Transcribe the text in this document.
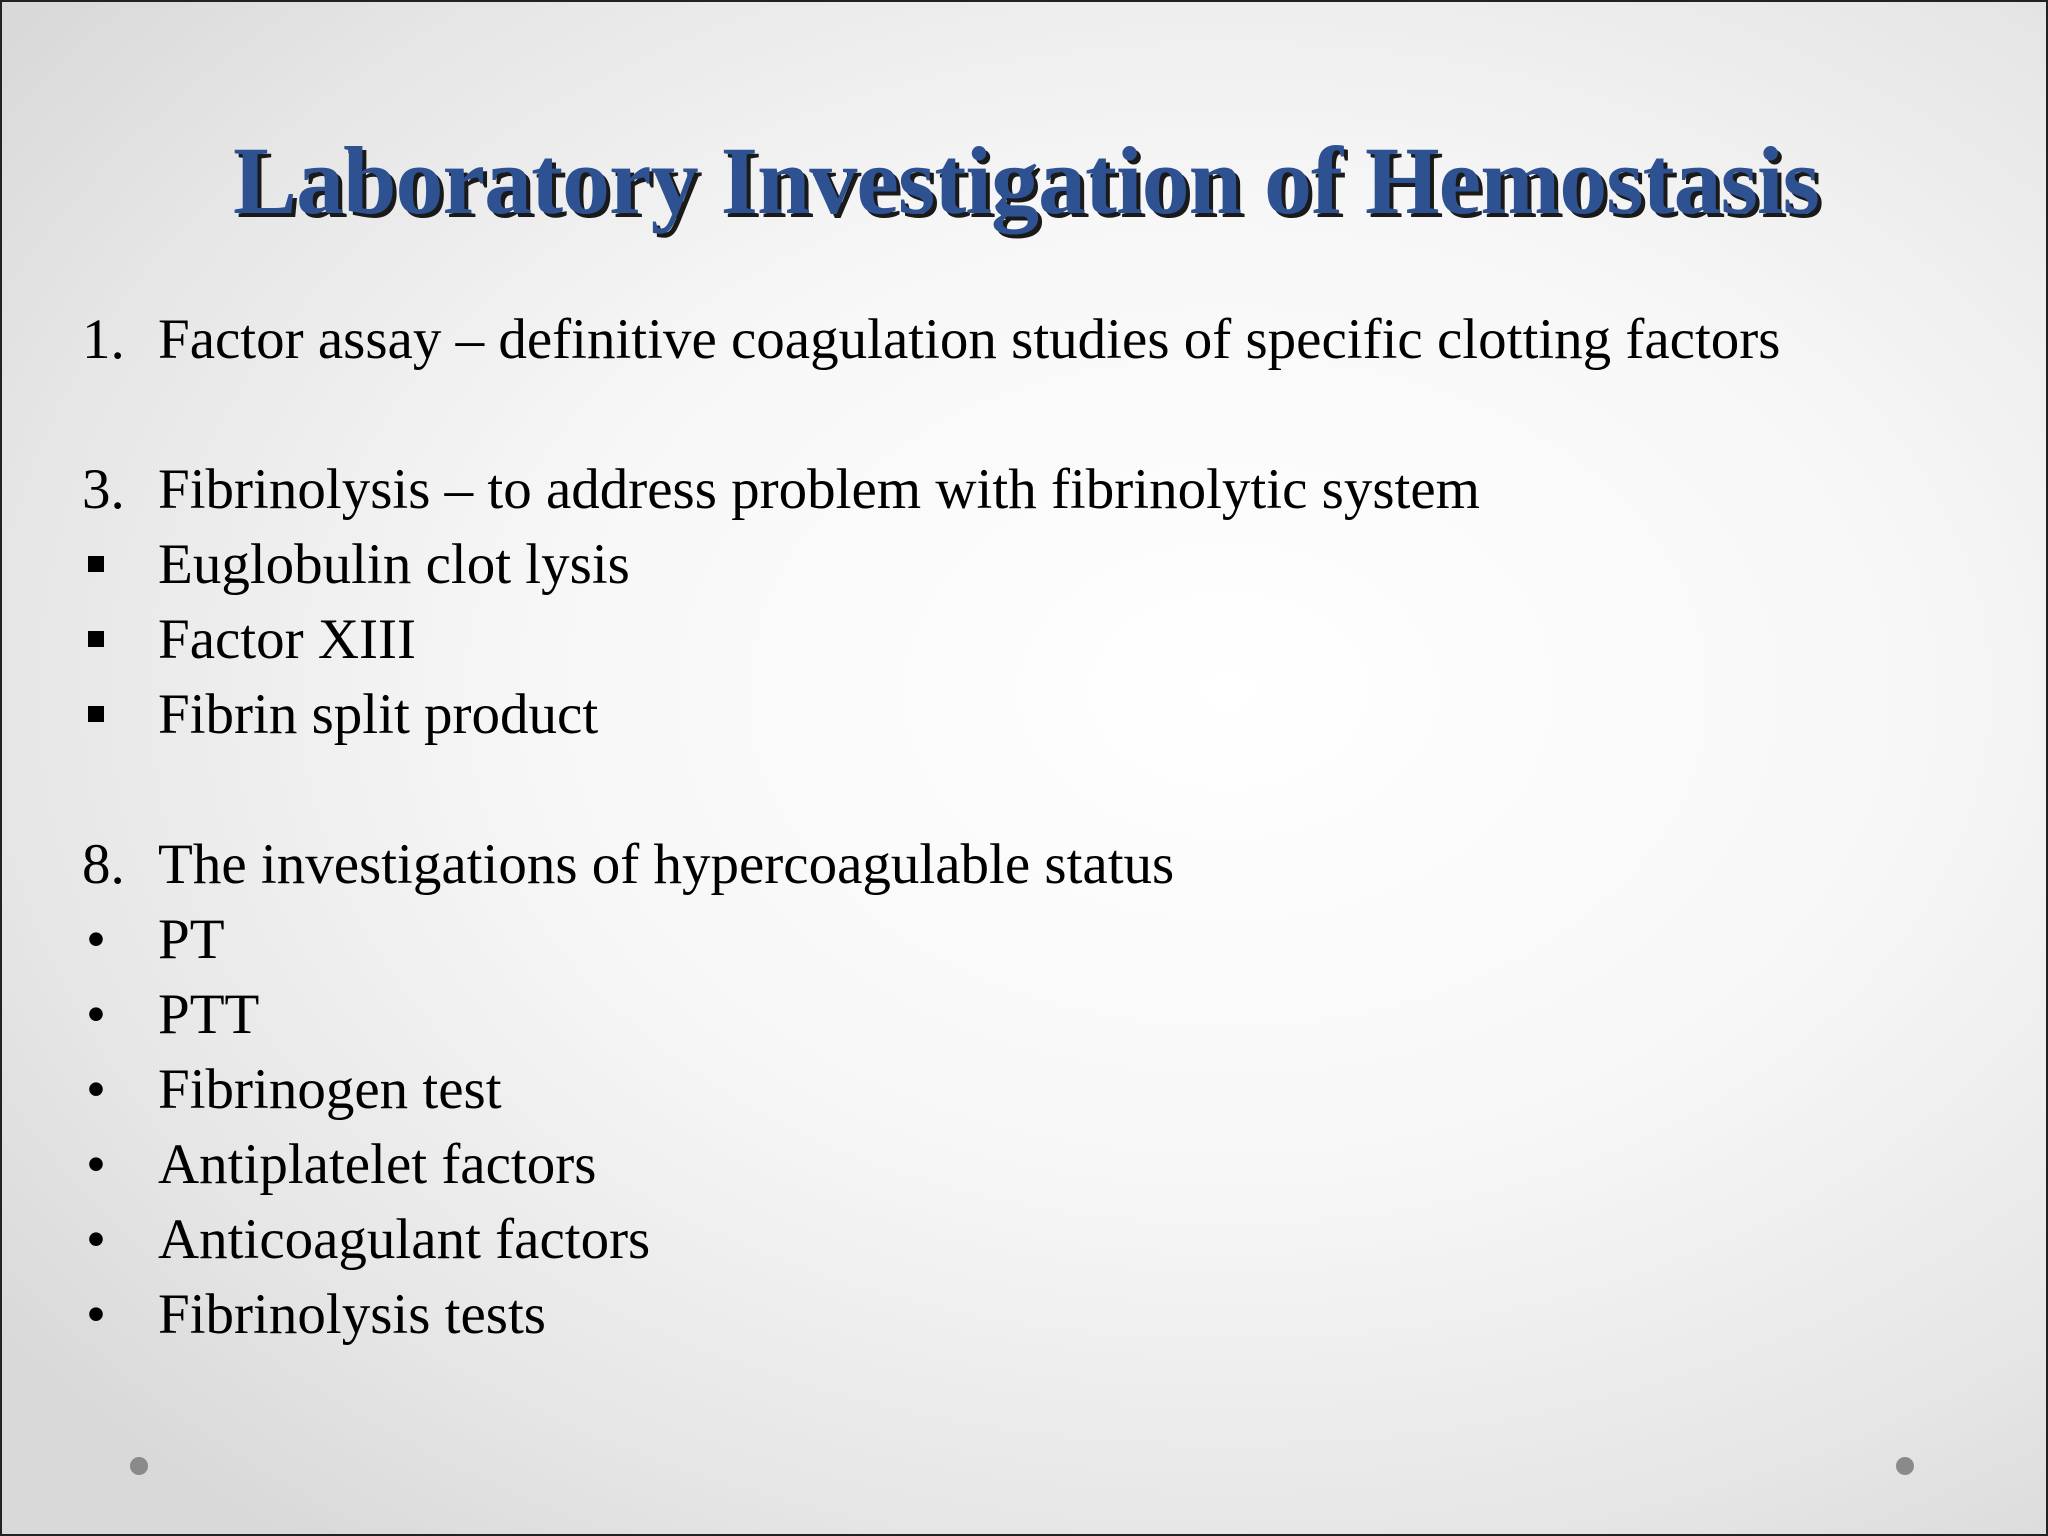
Laboratory Investigation of Hemostasis
1. Factor assay – definitive coagulation studies of specific clotting factors
3. Fibrinolysis – to address problem with fibrinolytic system
Euglobulin clot lysis
Factor XIII
Fibrin split product
8. The investigations of hypercoagulable status
• PT
• PTT
• Fibrinogen test
• Antiplatelet factors
• Anticoagulant factors
• Fibrinolysis tests
